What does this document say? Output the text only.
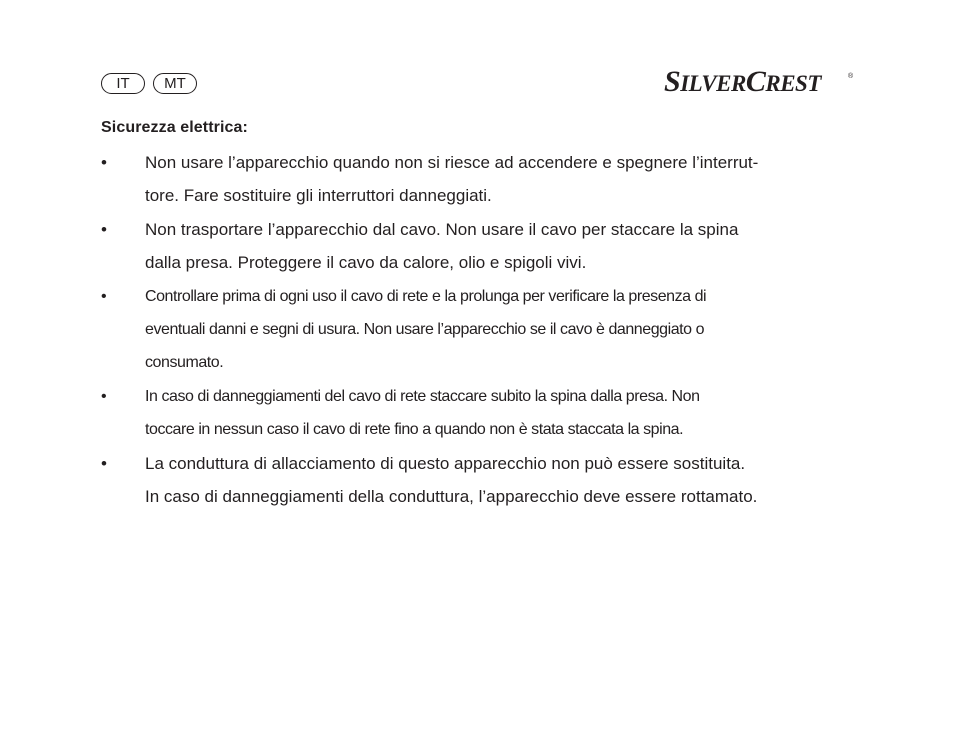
IT	MT	SILVERCREST	®
Sicurezza elettrica:
• Non usare l’apparecchio quando non si riesce ad accendere e spegnere l’interrut-
tore. Fare sostituire gli interruttori danneggiati.
• Non trasportare l’apparecchio dal cavo. Non usare il cavo per staccare la spina
dalla presa. Proteggere il cavo da calore, olio e spigoli vivi.
• Controllare prima di ogni uso il cavo di rete e la prolunga per verificare la presenza di
eventuali danni e segni di usura. Non usare l’apparecchio se il cavo è danneggiato o
consumato.
• In caso di danneggiamenti del cavo di rete staccare subito la spina dalla presa. Non
toccare in nessun caso il cavo di rete fino a quando non è stata staccata la spina.
• La conduttura di allacciamento di questo apparecchio non può essere sostituita.
In caso di danneggiamenti della conduttura, l’apparecchio deve essere rottamato.
